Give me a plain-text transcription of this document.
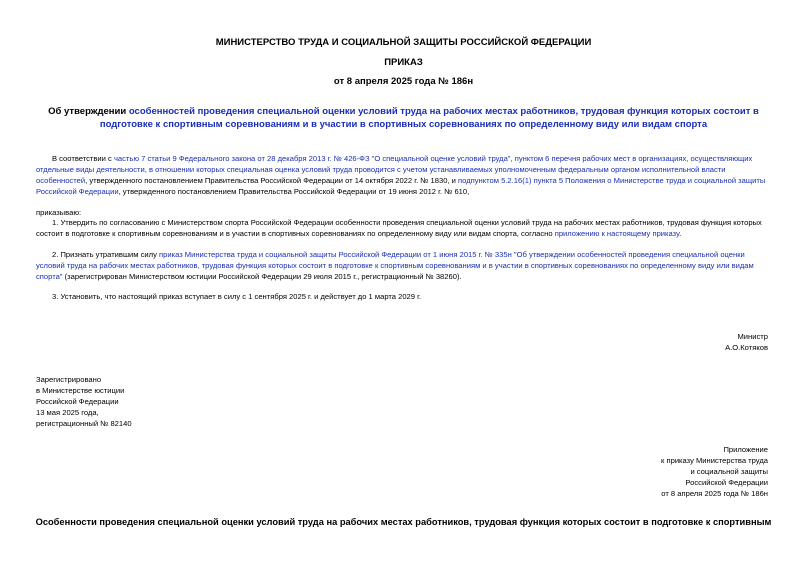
МИНИСТЕРСТВО ТРУДА И СОЦИАЛЬНОЙ ЗАЩИТЫ РОССИЙСКОЙ ФЕДЕРАЦИИ
ПРИКАЗ
от 8 апреля 2025 года № 186н
Об утверждении особенностей проведения специальной оценки условий труда на рабочих местах работников, трудовая функция которых состоит в подготовке к спортивным соревнованиям и в участии в спортивных соревнованиях по определенному виду или видам спорта
В соответствии с частью 7 статьи 9 Федерального закона от 28 декабря 2013 г. № 426-ФЗ "О специальной оценке условий труда", пунктом 6 перечня рабочих мест в организациях, осуществляющих отдельные виды деятельности, в отношении которых специальная оценка условий труда проводится с учетом устанавливаемых уполномоченным федеральным органом исполнительной власти особенностей, утвержденного постановлением Правительства Российской Федерации от 14 октября 2022 г. № 1830, и подпунктом 5.2.16(1) пункта 5 Положения о Министерстве труда и социальной защиты Российской Федерации, утвержденного постановлением Правительства Российской Федерации от 19 июня 2012 г. № 610,
приказываю:
1. Утвердить по согласованию с Министерством спорта Российской Федерации особенности проведения специальной оценки условий труда на рабочих местах работников, трудовая функция которых состоит в подготовке к спортивным соревнованиям и в участии в спортивных соревнованиях по определенному виду или видам спорта, согласно приложению к настоящему приказу.
2. Признать утратившим силу приказ Министерства труда и социальной защиты Российской Федерации от 1 июня 2015 г. № 335н "Об утверждении особенностей проведения специальной оценки условий труда на рабочих местах работников, трудовая функция которых состоит в подготовке к спортивным соревнованиям и в участии в спортивных соревнованиях по определенному виду или видам спорта" (зарегистрирован Министерством юстиции Российской Федерации 29 июля 2015 г., регистрационный № 38260).
3. Установить, что настоящий приказ вступает в силу с 1 сентября 2025 г. и действует до 1 марта 2029 г.
Министр
А.О.Котяков
Зарегистрировано
в Министерстве юстиции
Российской Федерации
13 мая 2025 года,
регистрационный № 82140
Приложение
к приказу Министерства труда
и социальной защиты
Российской Федерации
от 8 апреля 2025 года № 186н
Особенности проведения специальной оценки условий труда на рабочих местах работников, трудовая функция которых состоит в подготовке к спортивным
